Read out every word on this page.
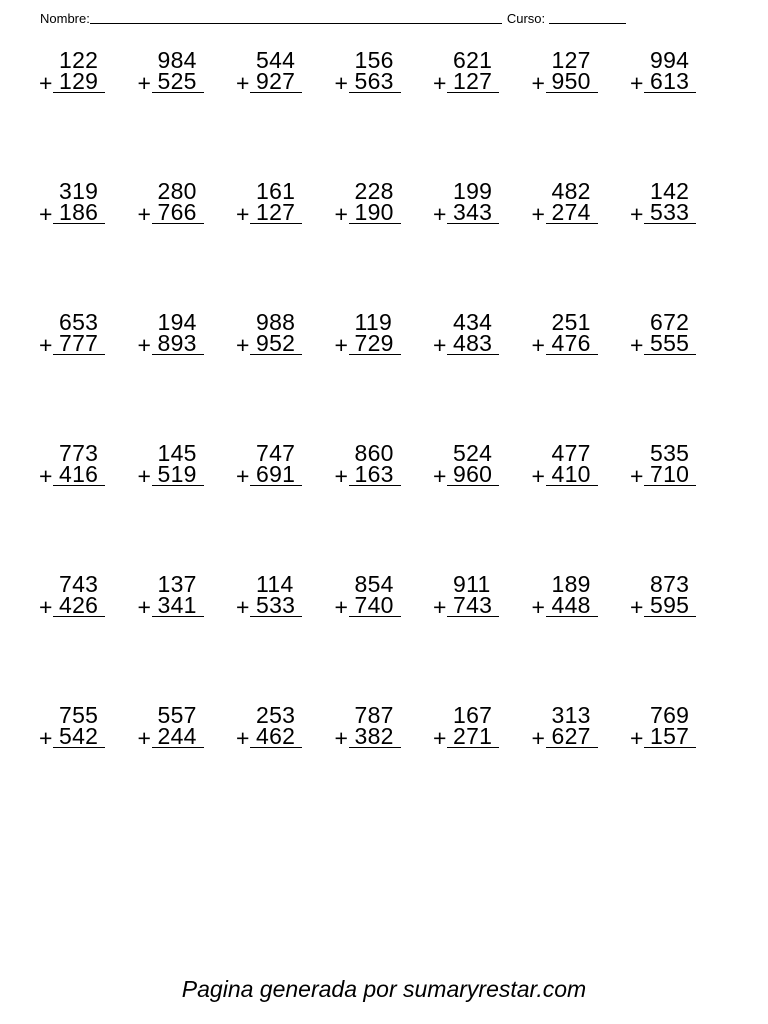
Nombre:	Curso:
122
+ 129
984
+ 525
544
+ 927
156
+ 563
621
+ 127
127
+ 950
994
+ 613
319
+ 186
280
+ 766
161
+ 127
228
+ 190
199
+ 343
482
+ 274
142
+ 533
653
+ 777
194
+ 893
988
+ 952
119
+ 729
434
+ 483
251
+ 476
672
+ 555
773
+ 416
145
+ 519
747
+ 691
860
+ 163
524
+ 960
477
+ 410
535
+ 710
743
+ 426
137
+ 341
114
+ 533
854
+ 740
911
+ 743
189
+ 448
873
+ 595
755
+ 542
557
+ 244
253
+ 462
787
+ 382
167
+ 271
313
+ 627
769
+ 157
Pagina generada por sumaryrestar.com
